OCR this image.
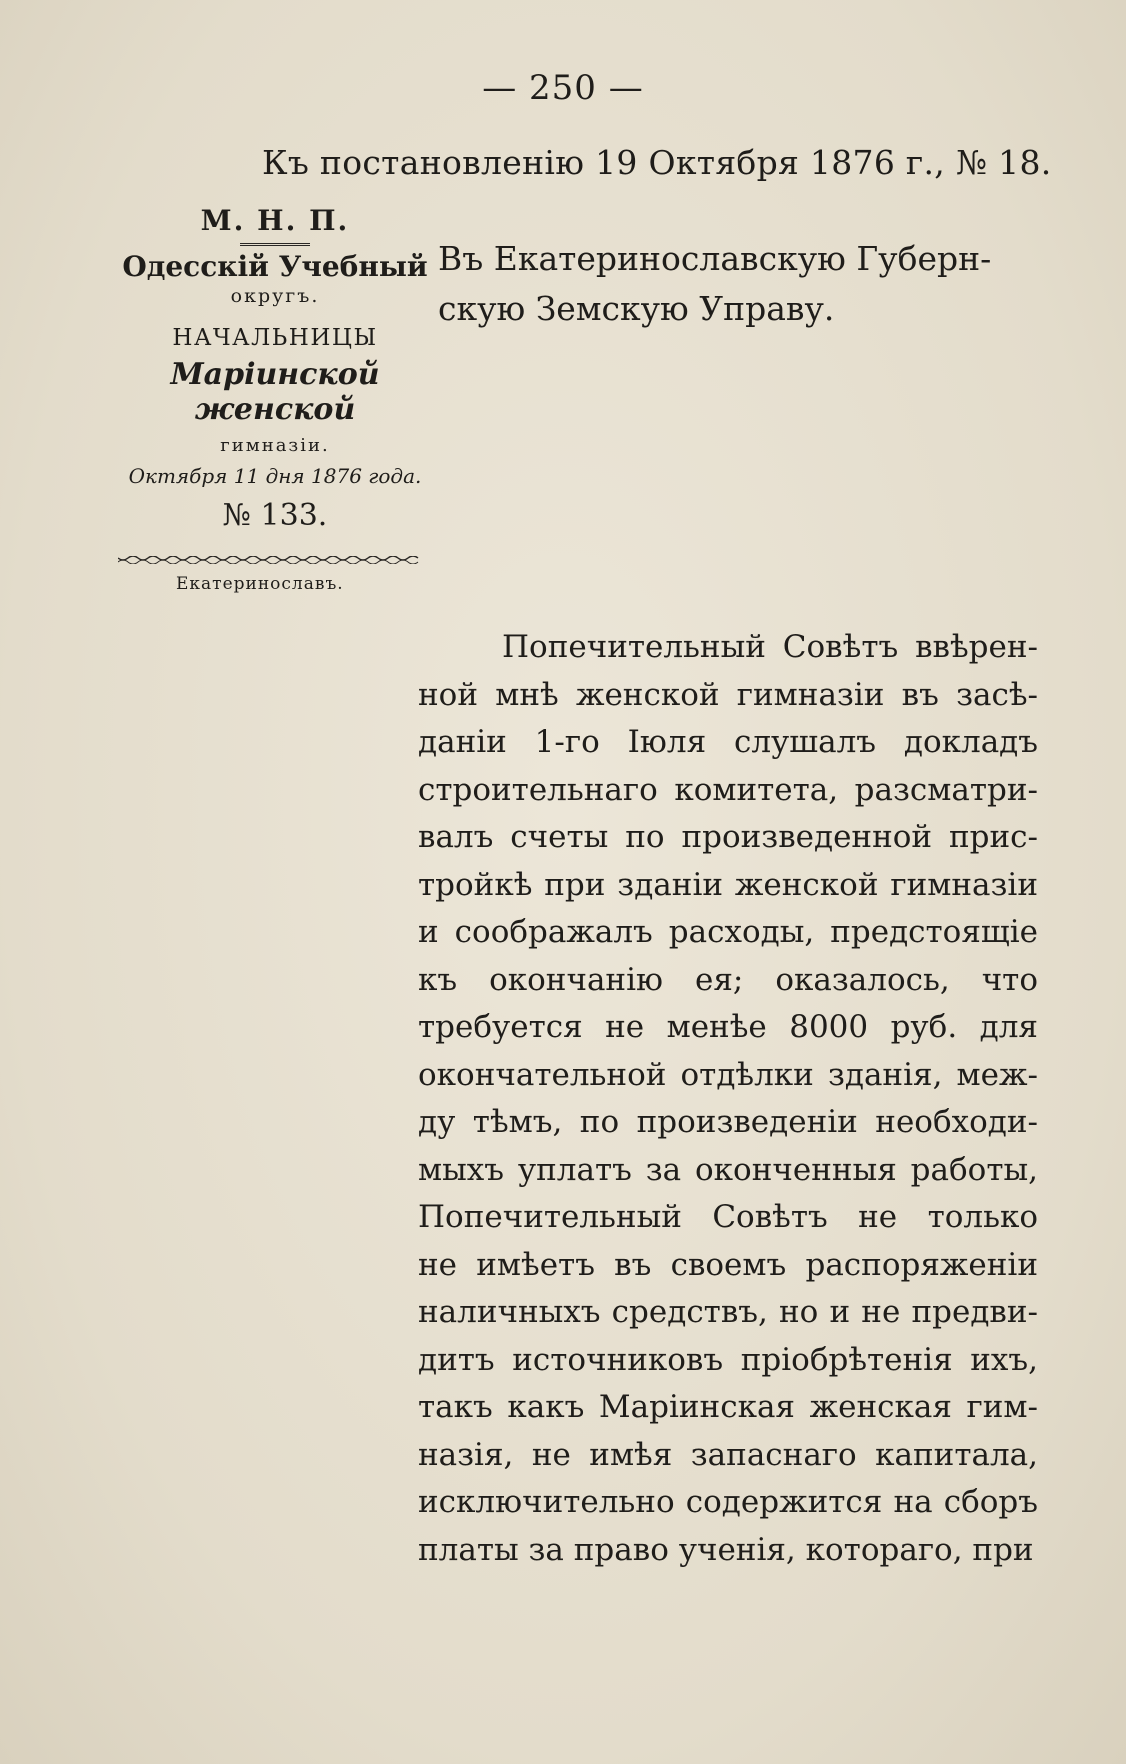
— 250 —
Къ постановленію 19 Октября 1876 г., № 18.
М. Н. П.
Одесскій Учебный
округъ.
НАЧАЛЬНИЦЫ
Маріинской женской
гимназіи.
Октября 11 дня 1876 года.
№ 133.
Екатеринославъ.
Въ Екатеринославскую Губерн-
скую Земскую Управу.
Попечительный Совѣтъ ввѣрен-
ной мнѣ женской гимназіи въ засѣ-
даніи 1-го Іюля слушалъ докладъ
строительнаго комитета, разсматри-
валъ счеты по произведенной прис-
тройкѣ при зданіи женской гимназіи
и соображалъ расходы, предстоящіе
къ окончанію ея; оказалось, что
требуется не менѣе 8000 руб. для
окончательной отдѣлки зданія, меж-
ду тѣмъ, по произведеніи необходи-
мыхъ уплатъ за оконченныя работы,
Попечительный Совѣтъ не только
не имѣетъ въ своемъ распоряженіи
наличныхъ средствъ, но и не предви-
дитъ источниковъ пріобрѣтенія ихъ,
такъ какъ Маріинская женская гим-
назія, не имѣя запаснаго капитала,
исключительно содержится на сборъ
платы за право ученія, котораго, при
